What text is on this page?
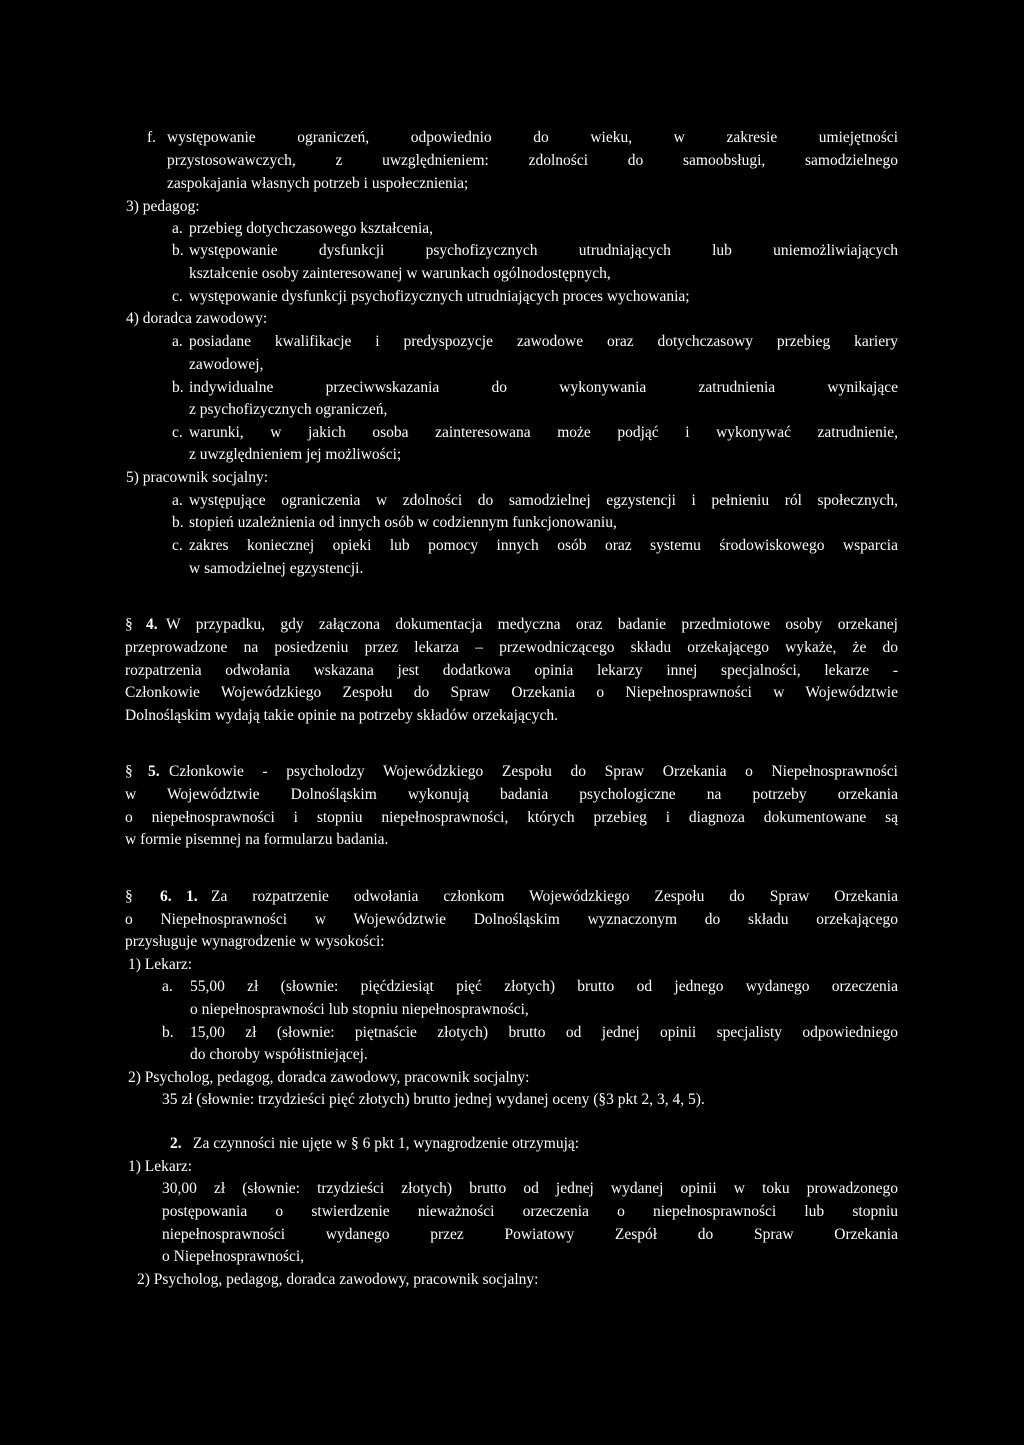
f. występowanie ograniczeń, odpowiednio do wieku, w zakresie umiejętności
przystosowawczych, z uwzględnieniem: zdolności do samoobsługi, samodzielnego
zaspokajania własnych potrzeb i uspołecznienia;
3) pedagog:
a. przebieg dotychczasowego kształcenia,
b. występowanie dysfunkcji psychofizycznych utrudniających lub uniemożliwiających
kształcenie osoby zainteresowanej w warunkach ogólnodostępnych,
c. występowanie dysfunkcji psychofizycznych utrudniających proces wychowania;
4) doradca zawodowy:
a. posiadane kwalifikacje i predyspozycje zawodowe oraz dotychczasowy przebieg kariery
zawodowej,
b. indywidualne przeciwwskazania do wykonywania zatrudnienia wynikające
z psychofizycznych ograniczeń,
c. warunki, w jakich osoba zainteresowana może podjąć i wykonywać zatrudnienie,
z uwzględnieniem jej możliwości;
5) pracownik socjalny:
a. występujące ograniczenia w zdolności do samodzielnej egzystencji i pełnieniu ról społecznych,
b. stopień uzależnienia od innych osób w codziennym funkcjonowaniu,
c. zakres koniecznej opieki lub pomocy innych osób oraz systemu środowiskowego wsparcia
w samodzielnej egzystencji.
§ 4. W przypadku, gdy załączona dokumentacja medyczna oraz badanie przedmiotowe osoby orzekanej
przeprowadzone na posiedzeniu przez lekarza – przewodniczącego składu orzekającego wykaże, że do
rozpatrzenia odwołania wskazana jest dodatkowa opinia lekarzy innej specjalności, lekarze -
Członkowie Wojewódzkiego Zespołu do Spraw Orzekania o Niepełnosprawności w Województwie
Dolnośląskim wydają takie opinie na potrzeby składów orzekających.
§ 5. Członkowie - psycholodzy Wojewódzkiego Zespołu do Spraw Orzekania o Niepełnosprawności
w Województwie Dolnośląskim wykonują badania psychologiczne na potrzeby orzekania
o niepełnosprawności i stopniu niepełnosprawności, których przebieg i diagnoza dokumentowane są
w formie pisemnej na formularzu badania.
§ 6. 1. Za rozpatrzenie odwołania członkom Wojewódzkiego Zespołu do Spraw Orzekania
o Niepełnosprawności w Województwie Dolnośląskim wyznaczonym do składu orzekającego
przysługuje wynagrodzenie w wysokości:
1) Lekarz:
a. 55,00 zł (słownie: pięćdziesiąt pięć złotych) brutto od jednego wydanego orzeczenia
o niepełnosprawności lub stopniu niepełnosprawności,
b. 15,00 zł (słownie: piętnaście złotych) brutto od jednej opinii specjalisty odpowiedniego
do choroby współistniejącej.
2) Psycholog, pedagog, doradca zawodowy, pracownik socjalny:
35 zł (słownie: trzydzieści pięć złotych) brutto jednej wydanej oceny (§3 pkt 2, 3, 4, 5).
2. Za czynności nie ujęte w § 6 pkt 1, wynagrodzenie otrzymują:
1) Lekarz:
30,00 zł (słownie: trzydzieści złotych) brutto od jednej wydanej opinii w toku prowadzonego
postępowania o stwierdzenie nieważności orzeczenia o niepełnosprawności lub stopniu
niepełnosprawności wydanego przez Powiatowy Zespół do Spraw Orzekania
o Niepełnosprawności,
2) Psycholog, pedagog, doradca zawodowy, pracownik socjalny:
